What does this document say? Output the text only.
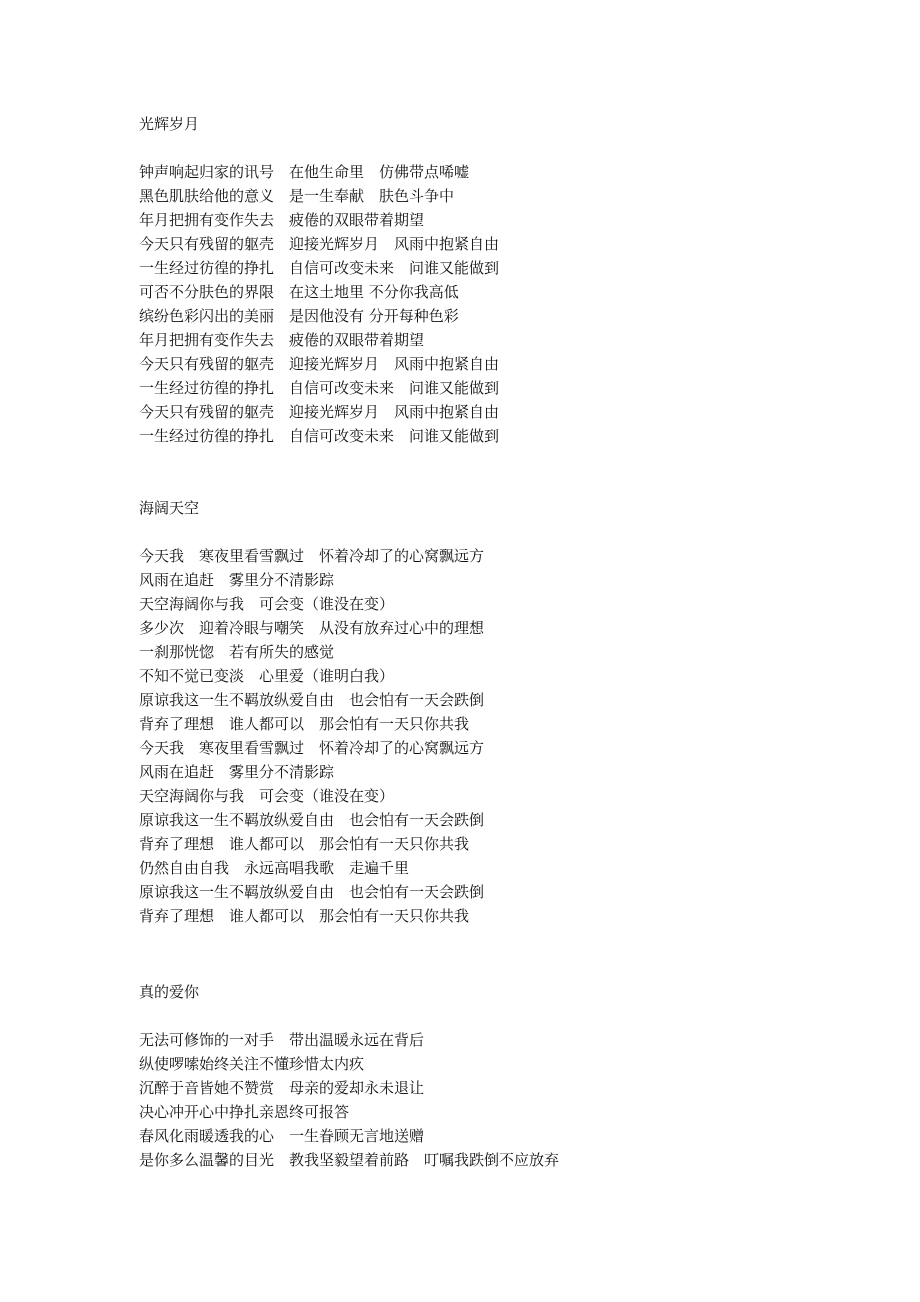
光辉岁月
钟声响起归家的讯号　在他生命里　仿佛带点唏嘘
黑色肌肤给他的意义　是一生奉献　肤色斗争中
年月把拥有变作失去　疲倦的双眼带着期望
今天只有残留的躯壳　迎接光辉岁月　风雨中抱紧自由
一生经过彷徨的挣扎　自信可改变未来　问谁又能做到
可否不分肤色的界限　在这土地里 不分你我高低
缤纷色彩闪出的美丽　是因他没有 分开每种色彩
年月把拥有变作失去　疲倦的双眼带着期望
今天只有残留的躯壳　迎接光辉岁月　风雨中抱紧自由
一生经过彷徨的挣扎　自信可改变未来　问谁又能做到
今天只有残留的躯壳　迎接光辉岁月　风雨中抱紧自由
一生经过彷徨的挣扎　自信可改变未来　问谁又能做到
海阔天空
今天我　寒夜里看雪飘过　怀着冷却了的心窝飘远方
风雨在追赶　雾里分不清影踪
天空海阔你与我　可会变（谁没在变）
多少次　迎着冷眼与嘲笑　从没有放弃过心中的理想
一刹那恍惚　若有所失的感觉
不知不觉已变淡　心里爱（谁明白我）
原谅我这一生不羁放纵爱自由　也会怕有一天会跌倒
背弃了理想　谁人都可以　那会怕有一天只你共我
今天我　寒夜里看雪飘过　怀着冷却了的心窝飘远方
风雨在追赶　雾里分不清影踪
天空海阔你与我　可会变（谁没在变）
原谅我这一生不羁放纵爱自由　也会怕有一天会跌倒
背弃了理想　谁人都可以　那会怕有一天只你共我
仍然自由自我　永远高唱我歌　走遍千里
原谅我这一生不羁放纵爱自由　也会怕有一天会跌倒
背弃了理想　谁人都可以　那会怕有一天只你共我
真的爱你
无法可修饰的一对手　带出温暖永远在背后
纵使啰嗦始终关注不懂珍惜太内疚
沉醉于音皆她不赞赏　母亲的爱却永未退让
决心冲开心中挣扎亲恩终可报答
春风化雨暖透我的心　一生眷顾无言地送赠
是你多么温馨的目光　教我坚毅望着前路　叮嘱我跌倒不应放弃
